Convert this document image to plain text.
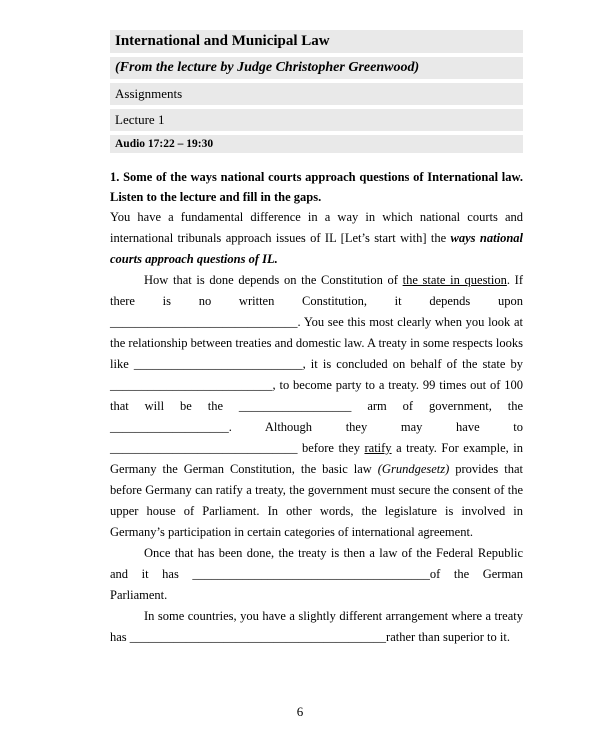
International and Municipal Law
(From the lecture by Judge Christopher Greenwood)
Assignments
Lecture 1
Audio 17:22 – 19:30

1. Some of the ways national courts approach questions of International law. Listen to the lecture and fill in the gaps.

You have a fundamental difference in a way in which national courts and international tribunals approach issues of IL [Let’s start with] the ways national courts approach questions of IL.

How that is done depends on the Constitution of the state in question. If there is no written Constitution, it depends upon ______________________________. You see this most clearly when you look at the relationship between treaties and domestic law. A treaty in some respects looks like ___________________________, it is concluded on behalf of the state by __________________________, to become party to a treaty. 99 times out of 100 that will be the __________________ arm of government, the ___________________. Although they may have to ______________________________ before they ratify a treaty. For example, in Germany the German Constitution, the basic law (Grundgesetz) provides that before Germany can ratify a treaty, the government must secure the consent of the upper house of Parliament. In other words, the legislature is involved in Germany’s participation in certain categories of international agreement.

Once that has been done, the treaty is then a law of the Federal Republic and it has ______________________________________of the German Parliament.

In some countries, you have a slightly different arrangement where a treaty has _________________________________________rather than superior to it.

6
